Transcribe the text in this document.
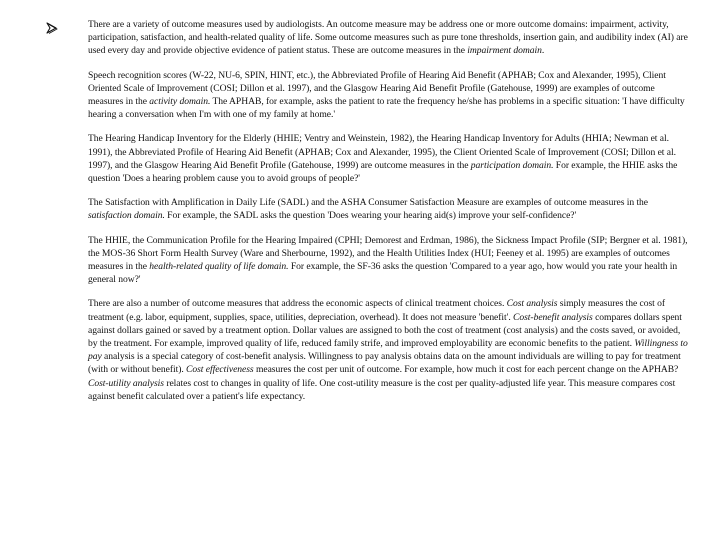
There are a variety of outcome measures used by audiologists. An outcome measure may be address one or more outcome domains: impairment, activity, participation, satisfaction, and health-related quality of life. Some outcome measures such as pure tone thresholds, insertion gain, and audibility index (AI) are used every day and provide objective evidence of patient status. These are outcome measures in the impairment domain.

Speech recognition scores (W-22, NU-6, SPIN, HINT, etc.), the Abbreviated Profile of Hearing Aid Benefit (APHAB; Cox and Alexander, 1995), Client Oriented Scale of Improvement (COSI; Dillon et al. 1997), and the Glasgow Hearing Aid Benefit Profile (Gatehouse, 1999) are examples of outcome measures in the activity domain. The APHAB, for example, asks the patient to rate the frequency he/she has problems in a specific situation: 'I have difficulty hearing a conversation when I'm with one of my family at home.'

The Hearing Handicap Inventory for the Elderly (HHIE; Ventry and Weinstein, 1982), the Hearing Handicap Inventory for Adults (HHIA; Newman et al. 1991), the Abbreviated Profile of Hearing Aid Benefit (APHAB; Cox and Alexander, 1995), the Client Oriented Scale of Improvement (COSI; Dillon et al. 1997), and the Glasgow Hearing Aid Benefit Profile (Gatehouse, 1999) are outcome measures in the participation domain. For example, the HHIE asks the question 'Does a hearing problem cause you to avoid groups of people?'

The Satisfaction with Amplification in Daily Life (SADL) and the ASHA Consumer Satisfaction Measure are examples of outcome measures in the satisfaction domain. For example, the SADL asks the question 'Does wearing your hearing aid(s) improve your self-confidence?'

The HHIE, the Communication Profile for the Hearing Impaired (CPHI; Demorest and Erdman, 1986), the Sickness Impact Profile (SIP; Bergner et al. 1981), the MOS-36 Short Form Health Survey (Ware and Sherbourne, 1992), and the Health Utilities Index (HUI; Feeney et al. 1995) are examples of outcomes measures in the health-related quality of life domain. For example, the SF-36 asks the question 'Compared to a year ago, how would you rate your health in general now?'

There are also a number of outcome measures that address the economic aspects of clinical treatment choices. Cost analysis simply measures the cost of treatment (e.g. labor, equipment, supplies, space, utilities, depreciation, overhead). It does not measure 'benefit'. Cost-benefit analysis compares dollars spent against dollars gained or saved by a treatment option. Dollar values are assigned to both the cost of treatment (cost analysis) and the costs saved, or avoided, by the treatment. For example, improved quality of life, reduced family strife, and improved employability are economic benefits to the patient. Willingness to pay analysis is a special category of cost-benefit analysis. Willingness to pay analysis obtains data on the amount individuals are willing to pay for treatment (with or without benefit). Cost effectiveness measures the cost per unit of outcome. For example, how much it cost for each percent change on the APHAB? Cost-utility analysis relates cost to changes in quality of life. One cost-utility measure is the cost per quality-adjusted life year. This measure compares cost against benefit calculated over a patient's life expectancy.
